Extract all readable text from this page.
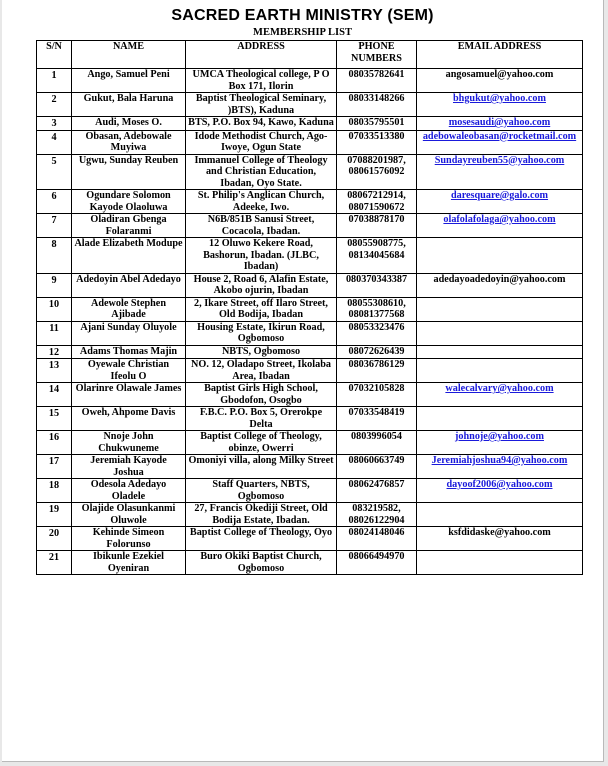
SACRED EARTH MINISTRY (SEM)
MEMBERSHIP LIST
S/N	NAME	ADDRESS	PHONE NUMBERS	EMAIL ADDRESS
1	Ango, Samuel Peni	UMCA Theological college, P O Box 171, Ilorin	08035782641	angosamuel@yahoo.com
2	Gukut, Bala Haruna	Baptist Theological Seminary, )BTS), Kaduna	08033148266	bhgukut@yahoo.com
3	Audi, Moses O.	BTS, P.O. Box 94, Kawo, Kaduna	08035795501	mosesaudi@yahoo.com
4	Obasan, Adebowale Muyiwa	Idode Methodist Church, Ago-Iwoye, Ogun State	07033513380	adebowaleobasan@rocketmail.com
5	Ugwu, Sunday Reuben	Immanuel College of Theology and Christian Education, Ibadan, Oyo State.	07088201987, 08061576092	Sundayreuben55@yahoo.com
6	Ogundare Solomon Kayode Olaoluwa	St. Philip's Anglican Church, Adeeke, Iwo.	08067212914, 08071590672	daresquare@galo.com
7	Oladiran Gbenga Folaranmi	N6B/851B Sanusi Street, Cocacola, Ibadan.	07038878170	olafolafolaga@yahoo.com
8	Alade Elizabeth Modupe	12 Oluwo Kekere Road, Bashorun, Ibadan. (JLBC, Ibadan)	08055908775, 08134045684	
9	Adedoyin Abel Adedayo	House 2, Road 6, Alafin Estate, Akobo ojurin, Ibadan	080370343387	adedayoadedoyin@yahoo.com
10	Adewole Stephen Ajibade	2, Ikare Street, off Ilaro Street, Old Bodija, Ibadan	08055308610, 08081377568	
11	Ajani Sunday Oluyole	Housing Estate, Ikirun Road, Ogbomoso	08053323476	
12	Adams Thomas Majin	NBTS, Ogbomoso	08072626439	
13	Oyewale Christian Ifeolu O	NO. 12, Oladapo Street, Ikolaba Area, Ibadan	08036786129	
14	Olarinre Olawale James	Baptist Girls High School, Gbodofon, Osogbo	07032105828	walecalvary@yahoo.com
15	Oweh, Ahpome Davis	F.B.C. P.O. Box 5, Orerokpe Delta	07033548419	
16	Nnoje John Chukwuneme	Baptist College of Theology, obinze, Owerri	0803996054	johnoje@yahoo.com
17	Jeremiah Kayode Joshua	Omoniyi villa, along Milky Street	08060663749	Jeremiahjoshua94@yahoo.com
18	Odesola Adedayo Oladele	Staff Quarters, NBTS, Ogbomoso	08062476857	dayoof2006@yahoo.com
19	Olajide Olasunkanmi Oluwole	27, Francis Okediji Street, Old Bodija Estate, Ibadan.	083219582, 08026122904	
20	Kehinde Simeon Folorunso	Baptist College of Theology, Oyo	08024148046	ksfdidaske@yahoo.com
21	Ibikunle Ezekiel Oyeniran	Buro Okiki Baptist Church, Ogbomoso	08066494970	
